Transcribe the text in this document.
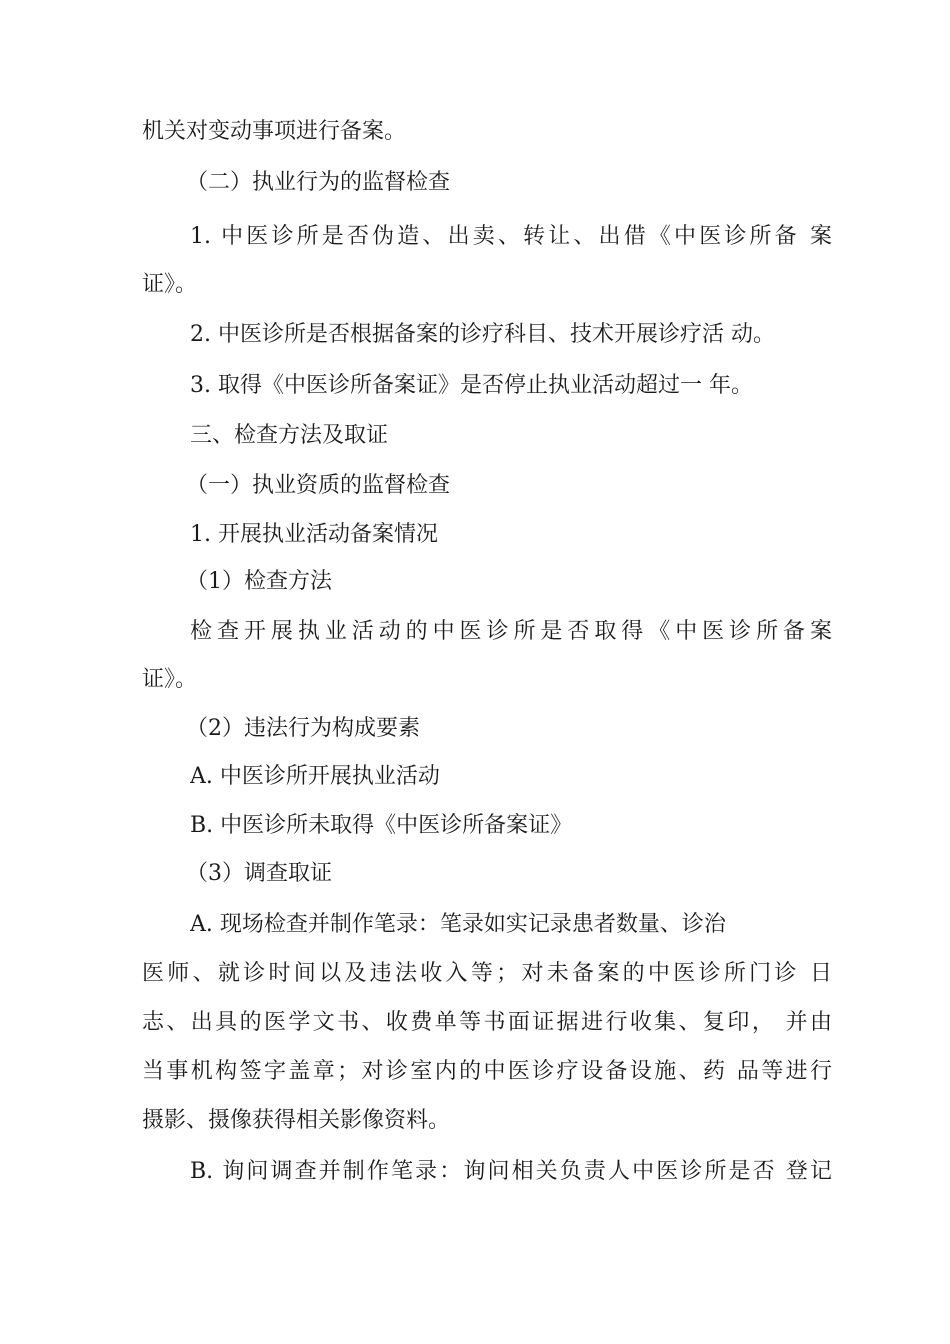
机关对变动事项进行备案。
（二）执业行为的监督检查
1. 中医诊所是否伪造、出卖、转让、出借《中医诊所备 案
证》。
2. 中医诊所是否根据备案的诊疗科目、技术开展诊疗活 动。
3. 取得《中医诊所备案证》是否停止执业活动超过一 年。
三、检查方法及取证
（一）执业资质的监督检查
1. 开展执业活动备案情况
（1）检查方法
检查开展执业活动的中医诊所是否取得《中医诊所备案
证》。
（2）违法行为构成要素
A. 中医诊所开展执业活动
B. 中医诊所未取得《中医诊所备案证》
（3）调查取证
A. 现场检查并制作笔录：笔录如实记录患者数量、诊治
医师、就诊时间以及违法收入等；对未备案的中医诊所门诊 日
志、出具的医学文书、收费单等书面证据进行收集、复印， 并由
当事机构签字盖章；对诊室内的中医诊疗设备设施、药 品等进行
摄影、摄像获得相关影像资料。
B. 询问调查并制作笔录：询问相关负责人中医诊所是否 登记
